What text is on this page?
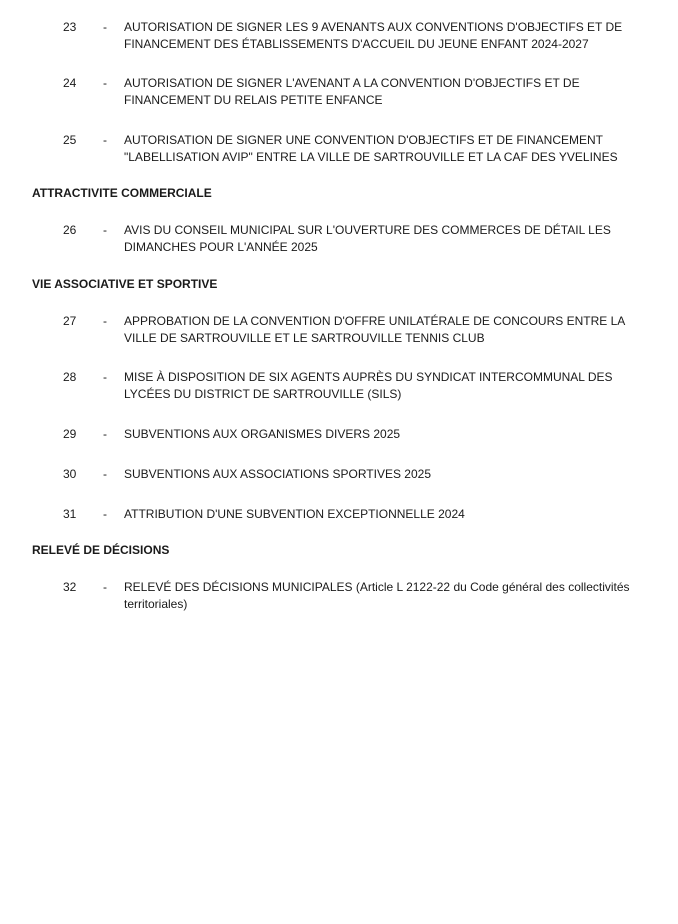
23 - AUTORISATION DE SIGNER LES 9 AVENANTS AUX CONVENTIONS D'OBJECTIFS ET DE FINANCEMENT DES ÉTABLISSEMENTS D'ACCUEIL DU JEUNE ENFANT 2024-2027
24 - AUTORISATION DE SIGNER L'AVENANT A LA CONVENTION D'OBJECTIFS ET DE FINANCEMENT DU RELAIS PETITE ENFANCE
25 - AUTORISATION DE SIGNER UNE CONVENTION D'OBJECTIFS ET DE FINANCEMENT "LABELLISATION AVIP" ENTRE LA VILLE DE SARTROUVILLE ET LA CAF DES YVELINES
ATTRACTIVITE COMMERCIALE
26 - AVIS DU CONSEIL MUNICIPAL SUR L'OUVERTURE DES COMMERCES DE DÉTAIL LES DIMANCHES POUR L'ANNÉE 2025
VIE ASSOCIATIVE ET SPORTIVE
27 - APPROBATION DE LA CONVENTION D'OFFRE UNILATÉRALE DE CONCOURS ENTRE LA VILLE DE SARTROUVILLE ET LE SARTROUVILLE TENNIS CLUB
28 - MISE À DISPOSITION DE SIX AGENTS AUPRÈS DU SYNDICAT INTERCOMMUNAL DES LYCÉES DU DISTRICT DE SARTROUVILLE (SILS)
29 - SUBVENTIONS AUX ORGANISMES DIVERS 2025
30 - SUBVENTIONS AUX ASSOCIATIONS SPORTIVES 2025
31 - ATTRIBUTION D'UNE SUBVENTION EXCEPTIONNELLE 2024
RELEVÉ DE DÉCISIONS
32 - RELEVÉ DES DÉCISIONS MUNICIPALES (Article L 2122-22 du Code général des collectivités territoriales)
